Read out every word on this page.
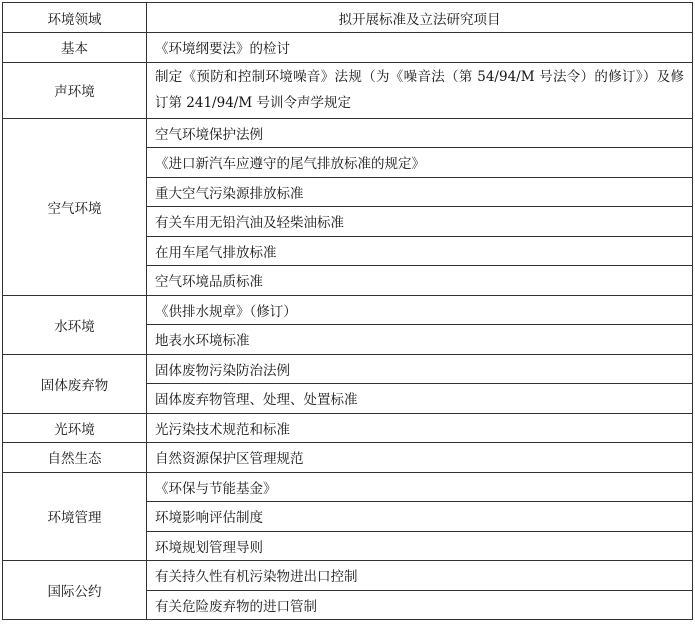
环境领域	拟开展标准及立法研究项目
基本	《环境纲要法》的检讨
声环境	制定《预防和控制环境噪音》法规（为《噪音法（第 54/94/M 号法令）的修订》）及修订第 241/94/M 号训令声学规定
空气环境	空气环境保护法例
	《进口新汽车应遵守的尾气排放标准的规定》
	重大空气污染源排放标准
	有关车用无铅汽油及轻柴油标准
	在用车尾气排放标准
	空气环境品质标准
水环境	《供排水规章》（修订）
	地表水环境标准
固体废弃物	固体废物污染防治法例
	固体废弃物管理、处理、处置标准
光环境	光污染技术规范和标准
自然生态	自然资源保护区管理规范
环境管理	《环保与节能基金》
	环境影响评估制度
	环境规划管理导则
国际公约	有关持久性有机污染物进出口控制
	有关危险废弃物的进口管制
